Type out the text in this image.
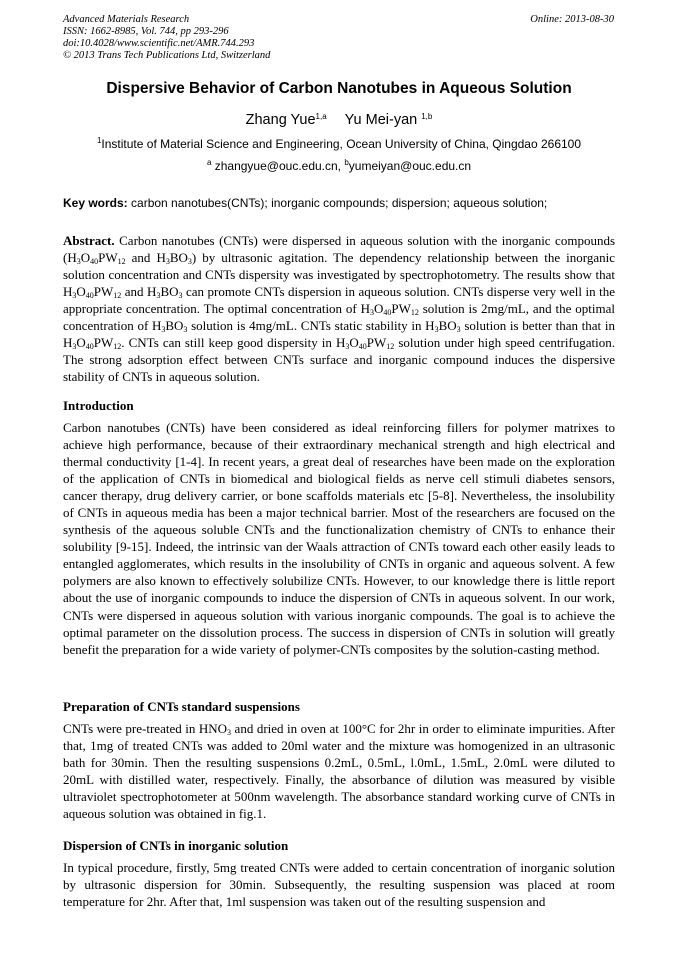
Advanced Materials Research
ISSN: 1662-8985, Vol. 744, pp 293-296
doi:10.4028/www.scientific.net/AMR.744.293
© 2013 Trans Tech Publications Ltd, Switzerland
Online: 2013-08-30
Dispersive Behavior of Carbon Nanotubes in Aqueous Solution
Zhang Yue$^{1,a}$ Yu Mei-yan $^{1,b}$
$^1$Institute of Material Science and Engineering, Ocean University of China, Qingdao 266100
$^a$ zhangyue@ouc.edu.cn, $^b$yumeiyan@ouc.edu.cn
Key words: carbon nanotubes(CNTs); inorganic compounds; dispersion; aqueous solution;
Abstract. Carbon nanotubes (CNTs) were dispersed in aqueous solution with the inorganic compounds ($H_3O_{40}PW_{12}$ and $H_3BO_3$) by ultrasonic agitation. The dependency relationship between the inorganic solution concentration and CNTs dispersity was investigated by spectrophotometry. The results show that $H_3O_{40}PW_{12}$ and $H_3BO_3$ can promote CNTs dispersion in aqueous solution. CNTs disperse very well in the appropriate concentration. The optimal concentration of $H_3O_{40}PW_{12}$ solution is 2mg/mL, and the optimal concentration of $H_3BO_3$ solution is 4mg/mL. CNTs static stability in $H_3BO_3$ solution is better than that in $H_3O_{40}PW_{12}$. CNTs can still keep good dispersity in $H_3O_{40}PW_{12}$ solution under high speed centrifugation. The strong adsorption effect between CNTs surface and inorganic compound induces the dispersive stability of CNTs in aqueous solution.
Introduction
Carbon nanotubes (CNTs) have been considered as ideal reinforcing fillers for polymer matrixes to achieve high performance, because of their extraordinary mechanical strength and high electrical and thermal conductivity [1-4]. In recent years, a great deal of researches have been made on the exploration of the application of CNTs in biomedical and biological fields as nerve cell stimuli diabetes sensors, cancer therapy, drug delivery carrier, or bone scaffolds materials etc [5-8]. Nevertheless, the insolubility of CNTs in aqueous media has been a major technical barrier. Most of the researchers are focused on the synthesis of the aqueous soluble CNTs and the functionalization chemistry of CNTs to enhance their solubility [9-15]. Indeed, the intrinsic van der Waals attraction of CNTs toward each other easily leads to entangled agglomerates, which results in the insolubility of CNTs in organic and aqueous solvent. A few polymers are also known to effectively solubilize CNTs. However, to our knowledge there is little report about the use of inorganic compounds to induce the dispersion of CNTs in aqueous solvent. In our work, CNTs were dispersed in aqueous solution with various inorganic compounds. The goal is to achieve the optimal parameter on the dissolution process. The success in dispersion of CNTs in solution will greatly benefit the preparation for a wide variety of polymer-CNTs composites by the solution-casting method.
Preparation of CNTs standard suspensions
CNTs were pre-treated in $HNO_3$ and dried in oven at 100°C for 2hr in order to eliminate impurities. After that, 1mg of treated CNTs was added to 20ml water and the mixture was homogenized in an ultrasonic bath for 30min. Then the resulting suspensions 0.2mL, 0.5mL, l.0mL, 1.5mL, 2.0mL were diluted to 20mL with distilled water, respectively. Finally, the absorbance of dilution was measured by visible ultraviolet spectrophotometer at 500nm wavelength. The absorbance standard working curve of CNTs in aqueous solution was obtained in fig.1.
Dispersion of CNTs in inorganic solution
In typical procedure, firstly, 5mg treated CNTs were added to certain concentration of inorganic solution by ultrasonic dispersion for 30min. Subsequently, the resulting suspension was placed at room temperature for 2hr. After that, 1ml suspension was taken out of the resulting suspension and
